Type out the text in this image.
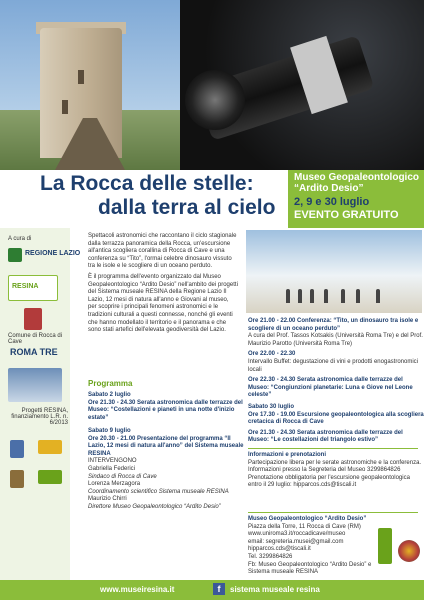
La Rocca delle stelle:
dalla terra al cielo
Museo Geopaleontologico
“Ardito Desio”
2, 9 e 30 luglio
EVENTO GRATUITO
A cura di
REGIONE LAZIO
RESINA
Comune di Rocca di Cave
ROMA TRE
Progetti RESINA, finanziamento L.R. n. 6/2013

Spettacoli astronomici che raccontano il ciclo stagionale dalla terrazza panoramica della Rocca, un'escursione all'antica scogliera corallina di Rocca di Cave e una conferenza su “Tito”, l'ormai celebre dinosauro vissuto tra le isole e le scogliere di un oceano perduto.

È il programma dell'evento organizzato dal Museo Geopaleontologico “Ardito Desio” nell'ambito dei progetti del Sistema museale RESINA della Regione Lazio Il Lazio, 12 mesi di natura all'anno e Giovani al museo, per scoprire i principali fenomeni astronomici e le tradizioni culturali a questi connesse, nonché gli eventi che hanno modellato il territorio e il panorama e che sono stati artefici dell'elevata geodiversità del Lazio.

Programma
Sabato 2 luglio
Ore 21.30 - 24.30 Serata astronomica dalle terrazze del Museo: “Costellazioni e pianeti in una notte d'inizio estate”
Sabato 9 luglio
Ore 20.30 - 21.00 Presentazione del programma “Il Lazio, 12 mesi di natura all'anno” del Sistema museale RESINA
INTERVENGONO
Gabriella Federici
Sindaco di Rocca di Cave
Lorenza Merzagora
Coordinamento scientifico Sistema museale RESINA
Maurizio Chirri
Direttore Museo Geopaleontologico “Ardito Desio”
Ore 21.00 - 22.00 Conferenza: “Tito, un dinosauro tra isole e scogliere di un oceano perduto”
A cura del Prof. Tassos Kotsakis (Università Roma Tre) e del Prof. Maurizio Parotto (Università Roma Tre)
Ore 22.00 - 22.30
Intervallo Buffet: degustazione di vini e prodotti enogastronomici locali
Ore 22.30 - 24.30 Serata astronomica dalle terrazze del Museo: “Congiunzioni planetarie: Luna e Giove nel Leone celeste”
Sabato 30 luglio
Ore 17.30 - 19.00 Escursione geopaleontologica alla scogliera cretacica di Rocca di Cave
Ore 21.30 - 24.30 Serata astronomica dalle terrazze del Museo: “Le costellazioni del triangolo estivo”
Informazioni e prenotazioni
Partecipazione libera per le serate astronomiche e la conferenza.
Informazioni presso la Segreteria del Museo 3299864826
Prenotazione obbligatoria per l'escursione geopaleontologica entro il 29 luglio: hipparcos.cds@tiscali.it
Museo Geopaleontologico “Ardito Desio”
Piazza della Torre, 11 Rocca di Cave (RM)
www.uniroma3.it/roccadicave/museo
email: segreteria.musei@gmail.com
hipparcos.cds@tiscali.it
Tel. 3299864826
Fb: Museo Geopaleontologico “Ardito Desio” e Sistema museale RESINA
www.museiresina.it	f	sistema museale resina
